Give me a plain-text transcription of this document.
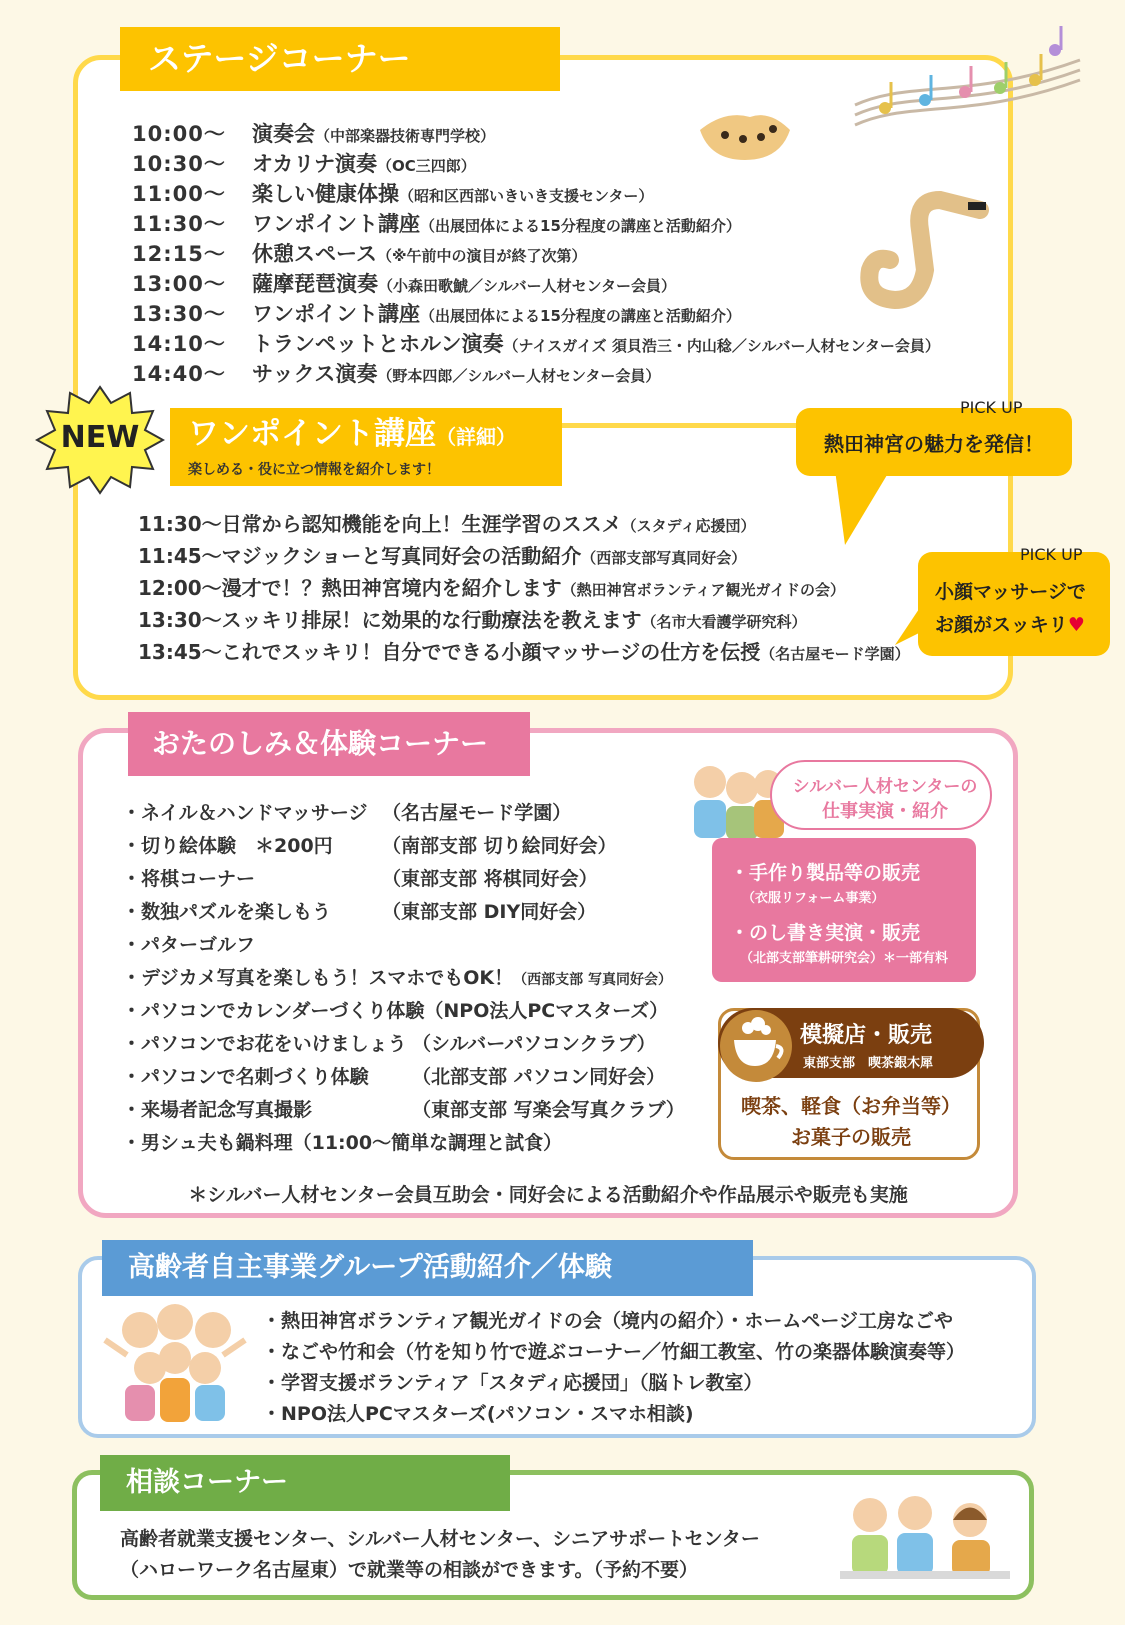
ステージコーナー
10:00〜 演奏会（中部楽器技術専門学校）
10:30〜 オカリナ演奏（OC三四郎）
11:00〜 楽しい健康体操（昭和区西部いきいき支援センター）
11:30〜 ワンポイント講座（出展団体による15分程度の講座と活動紹介）
12:15〜 休憩スペース（※午前中の演目が終了次第）
13:00〜 薩摩琵琶演奏（小森田歌鯱／シルバー人材センター会員）
13:30〜 ワンポイント講座（出展団体による15分程度の講座と活動紹介）
14:10〜 トランペットとホルン演奏（ナイスガイズ 須貝浩三・内山稔／シルバー人材センター会員）
14:40〜 サックス演奏（野本四郎／シルバー人材センター会員）
NEW	ワンポイント講座（詳細）
楽しめる・役に立つ情報を紹介します！
11:30〜日常から認知機能を向上！生涯学習のススメ（スタディ応援団）
11:45〜マジックショーと写真同好会の活動紹介（西部支部写真同好会）
12:00〜漫才で！？熱田神宮境内を紹介します（熱田神宮ボランティア観光ガイドの会）
13:30〜スッキリ排尿！に効果的な行動療法を教えます（名市大看護学研究科）
13:45〜これでスッキリ！自分でできる小顔マッサージの仕方を伝授（名古屋モード学園）
PICK UP
熱田神宮の魅力を発信！
PICK UP
小顔マッサージで
お顔がスッキリ♥
おたのしみ＆体験コーナー
・ネイル＆ハンドマッサージ （名古屋モード学園）
・切り絵体験　＊200円	（南部支部 切り絵同好会）
・将棋コーナー	（東部支部 将棋同好会）
・数独パズルを楽しもう	（東部支部 DIY同好会）
・パターゴルフ
・デジカメ写真を楽しもう！スマホでもOK！（西部支部 写真同好会）
・パソコンでカレンダーづくり体験（NPO法人PCマスターズ）
・パソコンでお花をいけましょう （シルバーパソコンクラブ）
・パソコンで名刺づくり体験 （北部支部 パソコン同好会）
・来場者記念写真撮影	（東部支部 写楽会写真クラブ）
・男シュ夫も鍋料理（11:00〜簡単な調理と試食）
＊シルバー人材センター会員互助会・同好会による活動紹介や作品展示や販売も実施
シルバー人材センターの
仕事実演・紹介
・手作り製品等の販売
（衣服リフォーム事業）
・のし書き実演・販売
（北部支部筆耕研究会）＊一部有料
模擬店・販売
東部支部　喫茶銀木犀
喫茶、軽食（お弁当等）
お菓子の販売
高齢者自主事業グループ活動紹介／体験
・熱田神宮ボランティア観光ガイドの会（境内の紹介）・ホームページ工房なごや
・なごや竹和会（竹を知り竹で遊ぶコーナー／竹細工教室、竹の楽器体験演奏等）
・学習支援ボランティア「スタディ応援団」（脳トレ教室）
・NPO法人PCマスターズ(パソコン・スマホ相談)
相談コーナー
高齢者就業支援センター、シルバー人材センター、シニアサポートセンター
（ハローワーク名古屋東）で就業等の相談ができます。（予約不要）
